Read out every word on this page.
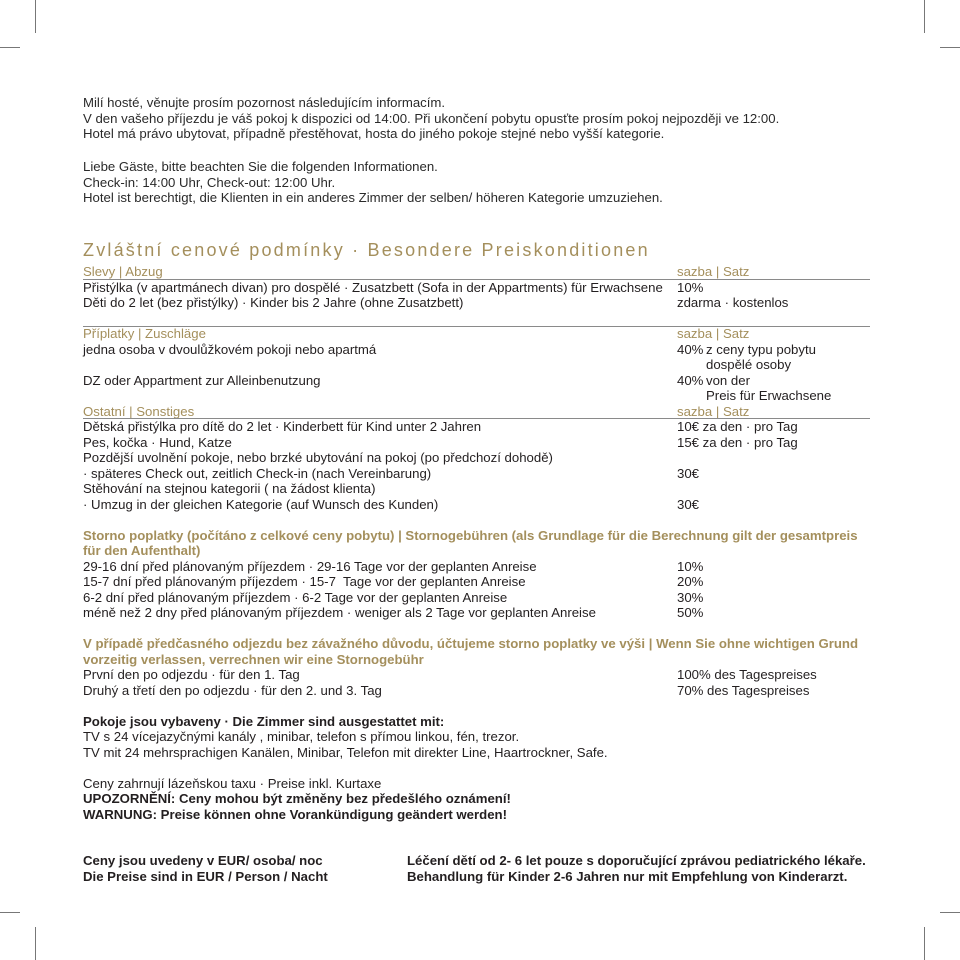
Milí hosté, věnujte prosím pozornost následujícím informacím.
V den vašeho příjezdu je váš pokoj k dispozici od 14:00. Při ukončení pobytu opusťte prosím pokoj nejpozději ve 12:00.
Hotel má právo ubytovat, případně přestěhovat, hosta do jiného pokoje stejné nebo vyšší kategorie.
Liebe Gäste, bitte beachten Sie die folgenden Informationen.
Check-in: 14:00 Uhr, Check-out: 12:00 Uhr.
Hotel ist berechtigt, die Klienten in ein anderes Zimmer der selben/ höheren Kategorie umzuziehen.
Zvláštní cenové podmínky · Besondere Preiskonditionen
Slevy | Abzug	sazba | Satz
Přistýlka (v apartmánech divan) pro dospělé · Zusatzbett (Sofa in der Appartments) für Erwachsene	10%
Děti do 2 let (bez přistýlky) · Kinder bis 2 Jahre (ohne Zusatzbett)	zdarma · kostenlos
Příplatky | Zuschläge	sazba | Satz
jedna osoba v dvoulůžkovém pokoji nebo apartmá	40% z ceny typu pobytu
dospělé osoby
DZ oder Appartment zur Alleinbenutzung	40% von der
Preis für Erwachsene
Ostatní | Sonstiges	sazba | Satz
Dětská přistýlka pro dítě do 2 let · Kinderbett für Kind unter 2 Jahren	10€ za den · pro Tag
Pes, kočka · Hund, Katze	15€ za den · pro Tag
Pozdější uvolnění pokoje, nebo brzké ubytování na pokoj (po předchozí dohodě)
· späteres Check out, zeitlich Check-in (nach Vereinbarung)	30€
Stěhování na stejnou kategorii ( na žádost klienta)
· Umzug in der gleichen Kategorie (auf Wunsch des Kunden)	30€
Storno poplatky (počítáno z celkové ceny pobytu) | Stornogebühren (als Grundlage für die Berechnung gilt der gesamtpreis für den Aufenthalt)
29-16 dní před plánovaným příjezdem · 29-16 Tage vor der geplanten Anreise	10%
15-7 dní před plánovaným příjezdem · 15-7  Tage vor der geplanten Anreise	20%
6-2 dní před plánovaným příjezdem · 6-2 Tage vor der geplanten Anreise	30%
méně než 2 dny před plánovaným příjezdem · weniger als 2 Tage vor geplanten Anreise	50%
V případě předčasného odjezdu bez závažného důvodu, účtujeme storno poplatky ve výši | Wenn Sie ohne wichtigen Grund vorzeitig verlassen, verrechnen wir eine Stornogebühr
První den po odjezdu · für den 1. Tag	100% des Tagespreises
Druhý a třetí den po odjezdu · für den 2. und 3. Tag	70% des Tagespreises
Pokoje jsou vybaveny · Die Zimmer sind ausgestattet mit:
TV s 24 vícejazyčnými kanály , minibar, telefon s přímou linkou, fén, trezor.
TV mit 24 mehrsprachigen Kanälen, Minibar, Telefon mit direkter Line, Haartrockner, Safe.
Ceny zahrnují lázeňskou taxu · Preise inkl. Kurtaxe
UPOZORNĚNÍ: Ceny mohou být změněny bez předešlého oznámení!
WARNUNG: Preise können ohne Vorankündigung geändert werden!
Ceny jsou uvedeny v EUR/ osoba/ noc
Die Preise sind in EUR / Person / Nacht
Léčení dětí od 2- 6 let pouze s doporučující zprávou pediatrického lékaře.
Behandlung für Kinder 2-6 Jahren nur mit Empfehlung von Kinderarzt.
